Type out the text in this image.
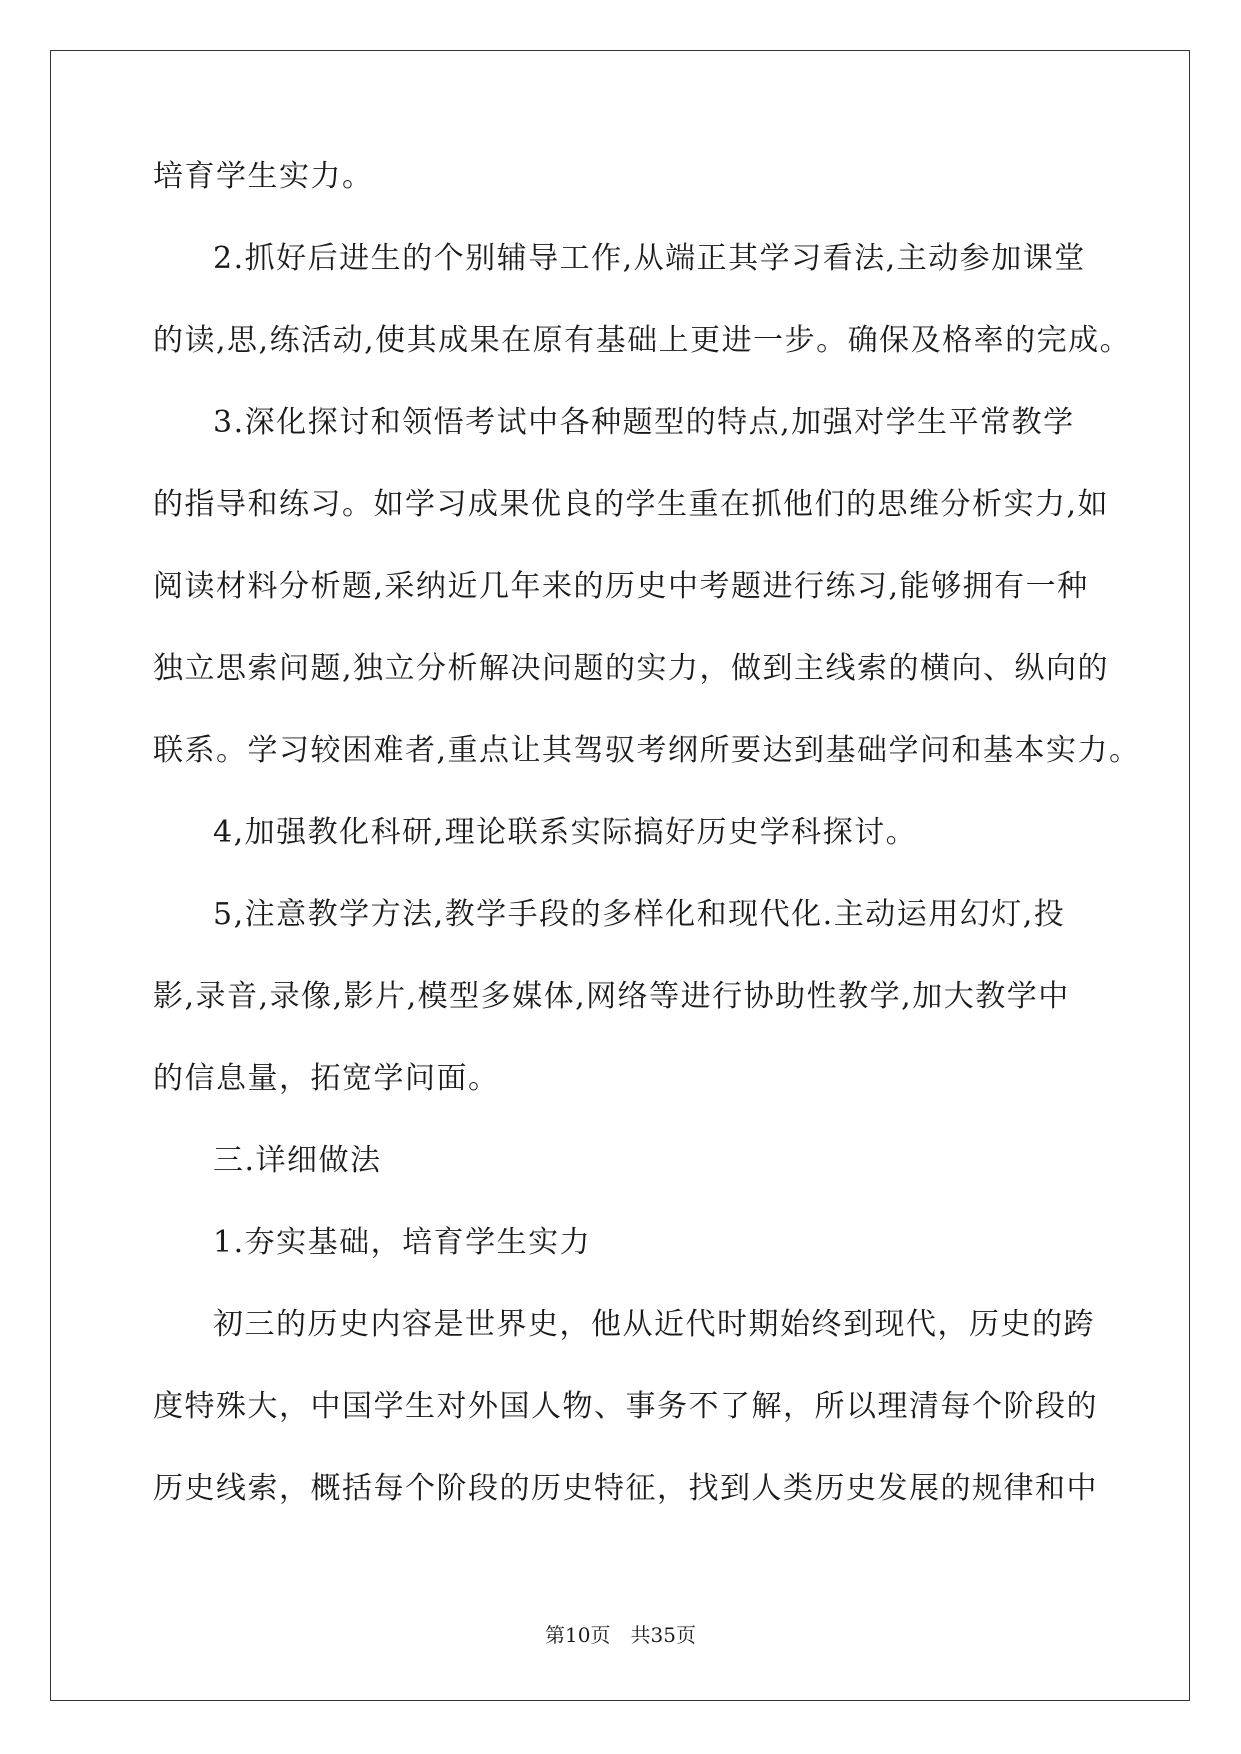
培育学生实力。
2.抓好后进生的个别辅导工作,从端正其学习看法,主动参加课堂
的读,思,练活动,使其成果在原有基础上更进一步。确保及格率的完成。
3.深化探讨和领悟考试中各种题型的特点,加强对学生平常教学
的指导和练习。如学习成果优良的学生重在抓他们的思维分析实力,如
阅读材料分析题,采纳近几年来的历史中考题进行练习,能够拥有一种
独立思索问题,独立分析解决问题的实力，做到主线索的横向、纵向的
联系。学习较困难者,重点让其驾驭考纲所要达到基础学问和基本实力。
4,加强教化科研,理论联系实际搞好历史学科探讨。
5,注意教学方法,教学手段的多样化和现代化.主动运用幻灯,投
影,录音,录像,影片,模型多媒体,网络等进行协助性教学,加大教学中
的信息量，拓宽学问面。
三.详细做法
1.夯实基础，培育学生实力
初三的历史内容是世界史，他从近代时期始终到现代，历史的跨
度特殊大，中国学生对外国人物、事务不了解，所以理清每个阶段的
历史线索，概括每个阶段的历史特征，找到人类历史发展的规律和中
第10页 共35页
